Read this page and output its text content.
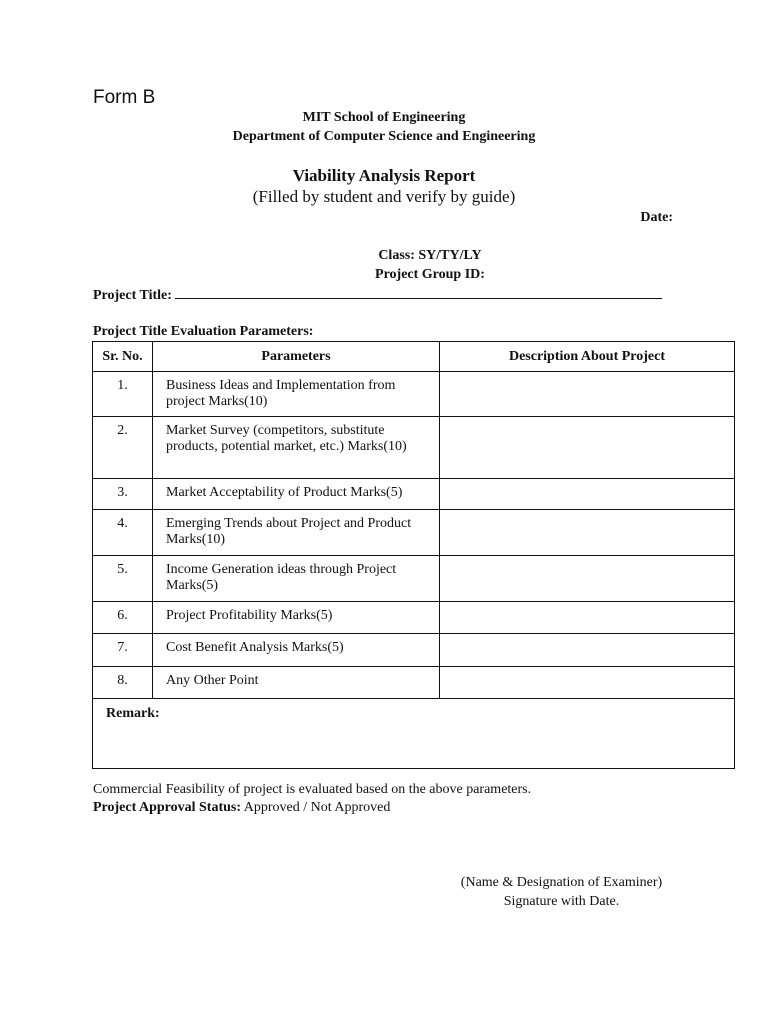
Form B
MIT School of Engineering
Department of Computer Science and Engineering
Viability Analysis Report
(Filled by student and verify by guide)
Date:
Class: SY/TY/LY
Project Group ID:
Project Title:
Project Title Evaluation Parameters:
Sr. No.	Parameters	Description About Project
1.	Business Ideas and Implementation from project Marks(10)	
2.	Market Survey (competitors, substitute products, potential market, etc.) Marks(10)	
3.	Market Acceptability of Product Marks(5)	
4.	Emerging Trends about Project and Product Marks(10)	
5.	Income Generation ideas through Project Marks(5)	
6.	Project Profitability Marks(5)	
7.	Cost Benefit Analysis Marks(5)	
8.	Any Other Point	
Remark:		
Commercial Feasibility of project is evaluated based on the above parameters.
Project Approval Status: Approved / Not Approved
(Name & Designation of Examiner)
Signature with Date.
